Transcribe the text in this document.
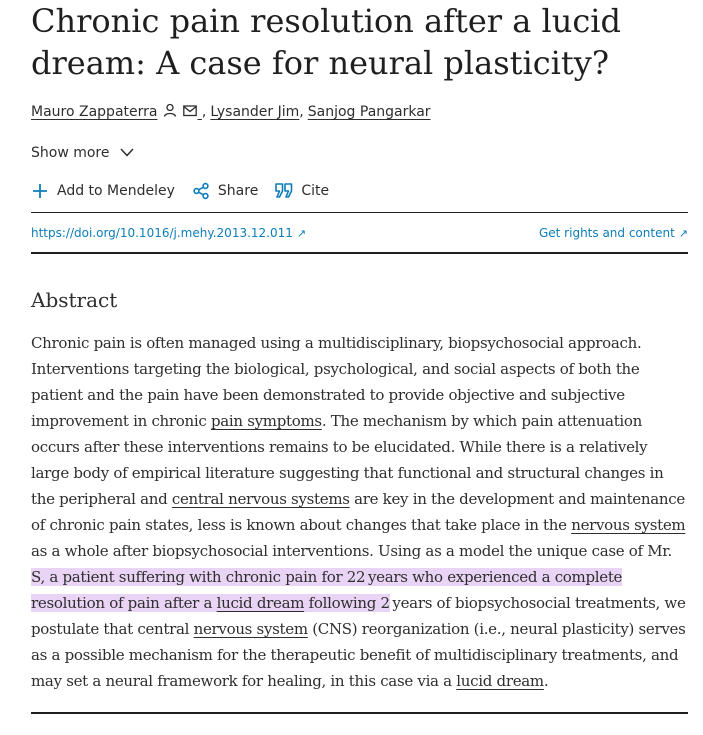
Chronic pain resolution after a lucid dream: A case for neural plasticity?
Mauro Zappaterra	, Lysander Jim, Sanjog Pangarkar
Show more
Add to Mendeley	Share	Cite
https://doi.org/10.1016/j.mehy.2013.12.011 ↗	Get rights and content ↗
Abstract

Chronic pain is often managed using a multidisciplinary, biopsychosocial approach. Interventions targeting the biological, psychological, and social aspects of both the patient and the pain have been demonstrated to provide objective and subjective improvement in chronic pain symptoms. The mechanism by which pain attenuation occurs after these interventions remains to be elucidated. While there is a relatively large body of empirical literature suggesting that functional and structural changes in the peripheral and central nervous systems are key in the development and maintenance of chronic pain states, less is known about changes that take place in the nervous system as a whole after biopsychosocial interventions. Using as a model the unique case of Mr. S, a patient suffering with chronic pain for 22 years who experienced a complete resolution of pain after a lucid dream following 2 years of biopsychosocial treatments, we postulate that central nervous system (CNS) reorganization (i.e., neural plasticity) serves as a possible mechanism for the therapeutic benefit of multidisciplinary treatments, and may set a neural framework for healing, in this case via a lucid dream.
